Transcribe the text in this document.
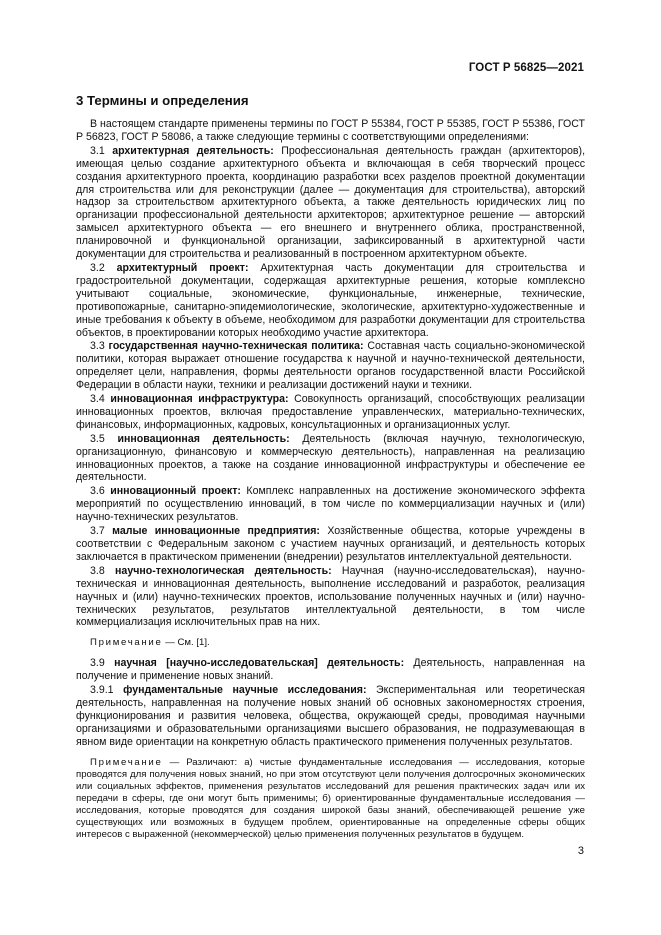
ГОСТ Р 56825—2021
3 Термины и определения

В настоящем стандарте применены термины по ГОСТ Р 55384, ГОСТ Р 55385, ГОСТ Р 55386, ГОСТ Р 56823, ГОСТ Р 58086, а также следующие термины с соответствующими определениями:

3.1 архитектурная деятельность: Профессиональная деятельность граждан (архитекторов), имеющая целью создание архитектурного объекта и включающая в себя творческий процесс создания архитектурного проекта, координацию разработки всех разделов проектной документации для строительства или для реконструкции (далее — документация для строительства), авторский надзор за строительством архитектурного объекта, а также деятельность юридических лиц по организации профессиональной деятельности архитекторов; архитектурное решение — авторский замысел архитектурного объекта — его внешнего и внутреннего облика, пространственной, планировочной и функциональной организации, зафиксированный в архитектурной части документации для строительства и реализованный в построенном архитектурном объекте.

3.2 архитектурный проект: Архитектурная часть документации для строительства и градостроительной документации, содержащая архитектурные решения, которые комплексно учитывают социальные, экономические, функциональные, инженерные, технические, противопожарные, санитарно-эпидемиологические, экологические, архитектурно-художественные и иные требования к объекту в объеме, необходимом для разработки документации для строительства объектов, в проектировании которых необходимо участие архитектора.

3.3 государственная научно-техническая политика: Составная часть социально-экономической политики, которая выражает отношение государства к научной и научно-технической деятельности, определяет цели, направления, формы деятельности органов государственной власти Российской Федерации в области науки, техники и реализации достижений науки и техники.

3.4 инновационная инфраструктура: Совокупность организаций, способствующих реализации инновационных проектов, включая предоставление управленческих, материально-технических, финансовых, информационных, кадровых, консультационных и организационных услуг.

3.5 инновационная деятельность: Деятельность (включая научную, технологическую, организационную, финансовую и коммерческую деятельность), направленная на реализацию инновационных проектов, а также на создание инновационной инфраструктуры и обеспечение ее деятельности.

3.6 инновационный проект: Комплекс направленных на достижение экономического эффекта мероприятий по осуществлению инноваций, в том числе по коммерциализации научных и (или) научно-технических результатов.

3.7 малые инновационные предприятия: Хозяйственные общества, которые учреждены в соответствии с Федеральным законом с участием научных организаций, и деятельность которых заключается в практическом применении (внедрении) результатов интеллектуальной деятельности.

3.8 научно-технологическая деятельность: Научная (научно-исследовательская), научно-техническая и инновационная деятельность, выполнение исследований и разработок, реализация научных и (или) научно-технических проектов, использование полученных научных и (или) научно-технических результатов, результатов интеллектуальной деятельности, в том числе коммерциализация исключительных прав на них.

Примечание — См. [1].

3.9 научная [научно-исследовательская] деятельность: Деятельность, направленная на получение и применение новых знаний.

3.9.1 фундаментальные научные исследования: Экспериментальная или теоретическая деятельность, направленная на получение новых знаний об основных закономерностях строения, функционирования и развития человека, общества, окружающей среды, проводимая научными организациями и образовательными организациями высшего образования, не подразумевающая в явном виде ориентации на конкретную область практического применения полученных результатов.

Примечание — Различают: а) чистые фундаментальные исследования — исследования, которые проводятся для получения новых знаний, но при этом отсутствуют цели получения долгосрочных экономических или социальных эффектов, применения результатов исследований для решения практических задач или их передачи в сферы, где они могут быть применимы; б) ориентированные фундаментальные исследования — исследования, которые проводятся для создания широкой базы знаний, обеспечивающей решение уже существующих или возможных в будущем проблем, ориентированные на определенные сферы общих интересов с выраженной (некоммерческой) целью применения полученных результатов в будущем.

3
